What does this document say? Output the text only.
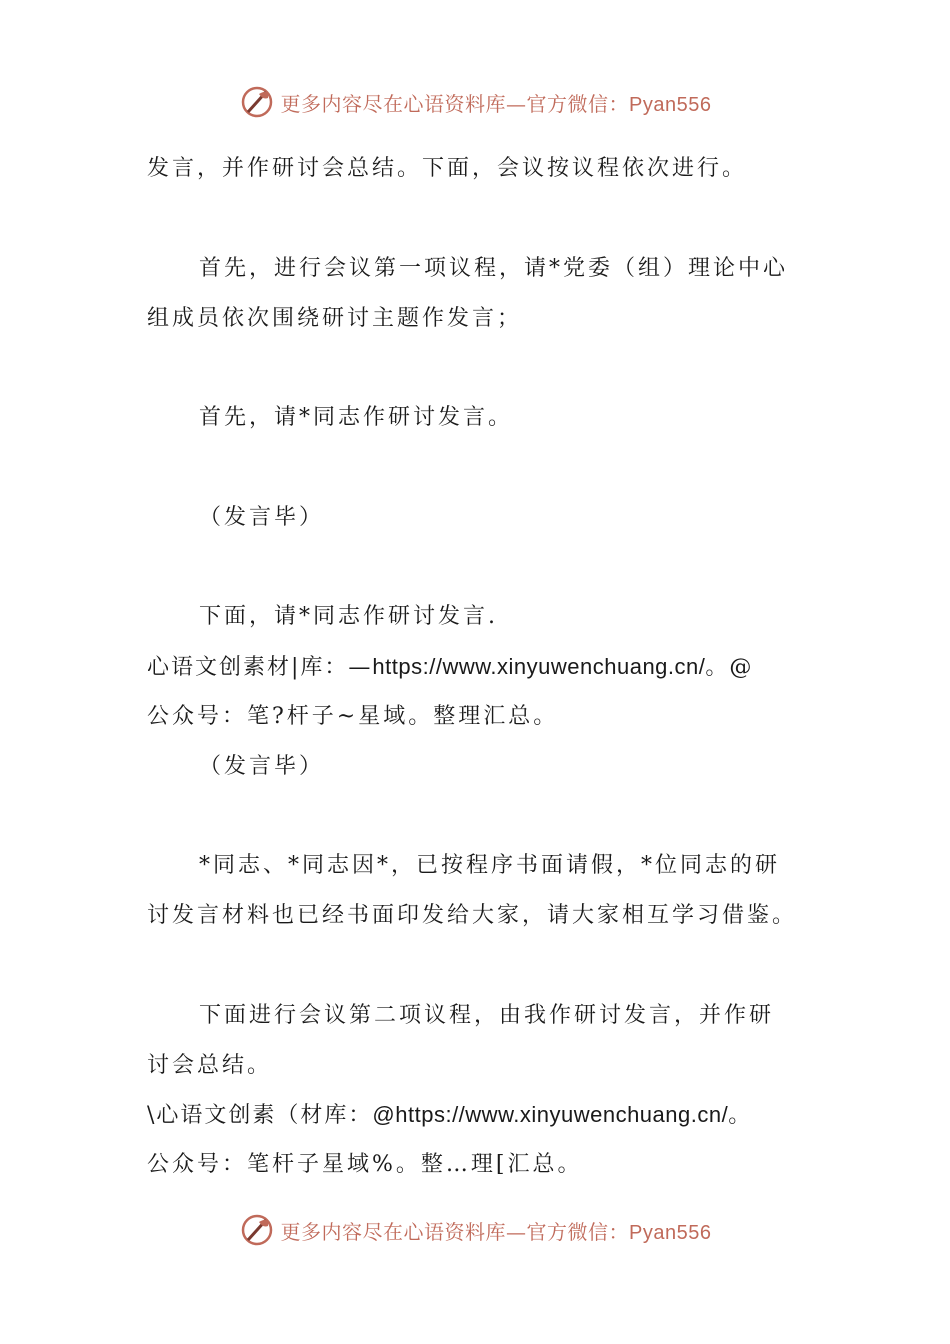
更多内容尽在心语资料库—官方微信：Pyan556
发言，并作研讨会总结。下面，会议按议程依次进行。
首先，进行会议第一项议程，请*党委（组）理论中心
组成员依次围绕研讨主题作发言；
首先，请*同志作研讨发言。
（发言毕）
下面，请*同志作研讨发言.
心语文创素材|库：—https://www.xinyuwenchuang.cn/。@
公众号：笔?杆子~星域。整理汇总。
（发言毕）
*同志、*同志因*，已按程序书面请假，*位同志的研
讨发言材料也已经书面印发给大家，请大家相互学习借鉴。
下面进行会议第二项议程，由我作研讨发言，并作研
讨会总结。
\心语文创素（材库：@https://www.xinyuwenchuang.cn/。
公众号：笔杆子星域%。整…理[汇总。
更多内容尽在心语资料库—官方微信：Pyan556
